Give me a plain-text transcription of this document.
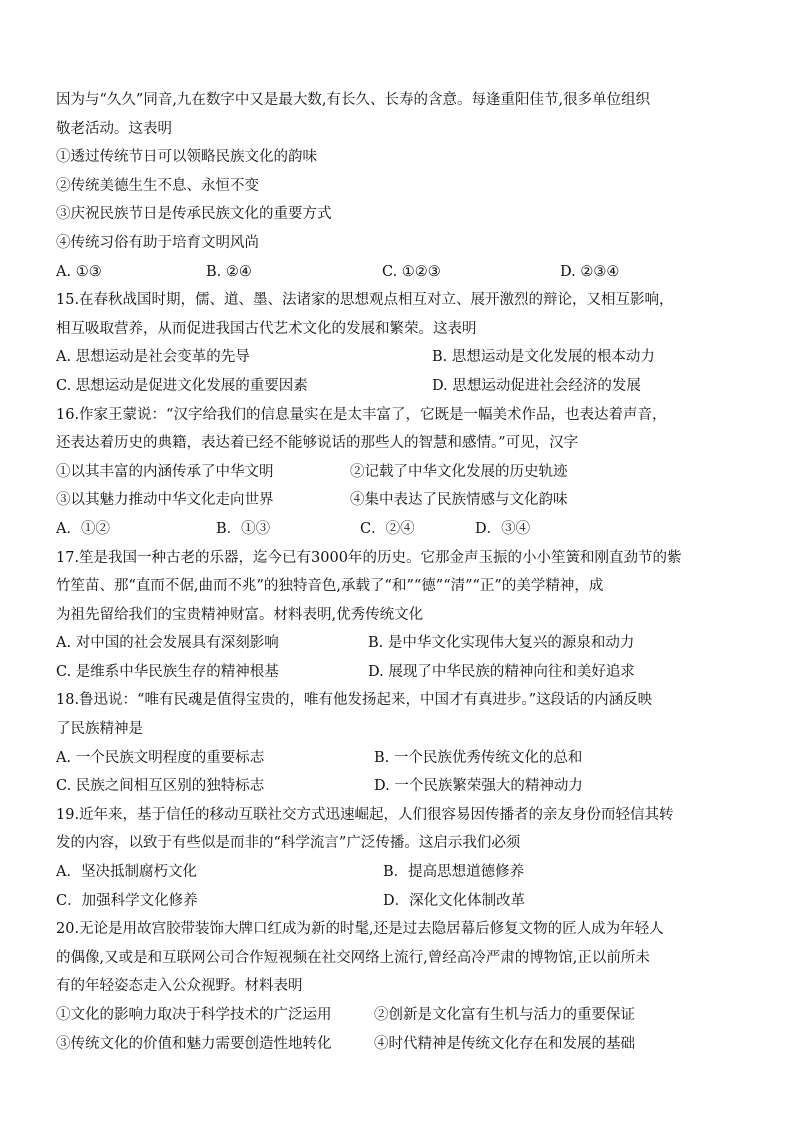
因为与“久久”同音,九在数字中又是最大数,有长久、长寿的含意。每逢重阳佳节,很多单位组织
敬老活动。这表明
①透过传统节日可以领略民族文化的韵味
②传统美德生生不息、永恒不变
③庆祝民族节日是传承民族文化的重要方式
④传统习俗有助于培育文明风尚
A. ①③	B. ②④	C. ①②③	D. ②③④
15.在春秋战国时期，儒、道、墨、法诸家的思想观点相互对立、展开激烈的辩论，又相互影响，
相互吸取营养，从而促进我国古代艺术文化的发展和繁荣。这表明
A. 思想运动是社会变革的先导	B. 思想运动是文化发展的根本动力
C. 思想运动是促进文化发展的重要因素	D. 思想运动促进社会经济的发展
16.作家王蒙说：“汉字给我们的信息量实在是太丰富了，它既是一幅美术作品，也表达着声音，
还表达着历史的典籍，表达着已经不能够说话的那些人的智慧和感情。”可见，汉字
①以其丰富的内涵传承了中华文明	②记载了中华文化发展的历史轨迹
③以其魅力推动中华文化走向世界	④集中表达了民族情感与文化韵味
A．①②	B．①③	C．②④	D．③④
17.笙是我国一种古老的乐器，迄今已有3000年的历史。它那金声玉振的小小笙簧和刚直劲节的紫
竹笙苗、那“直而不倨,曲而不兆”的独特音色,承载了“和”“德”“清”“正”的美学精神，成
为祖先留给我们的宝贵精神财富。材料表明,优秀传统文化
A. 对中国的社会发展具有深刻影响	B. 是中华文化实现伟大复兴的源泉和动力
C. 是维系中华民族生存的精神根基	D. 展现了中华民族的精神向往和美好追求
18.鲁迅说：“唯有民魂是值得宝贵的，唯有他发扬起来，中国才有真进步。”这段话的内涵反映
了民族精神是
A. 一个民族文明程度的重要标志	B. 一个民族优秀传统文化的总和
C. 民族之间相互区别的独特标志	D. 一个民族繁荣强大的精神动力
19.近年来，基于信任的移动互联社交方式迅速崛起，人们很容易因传播者的亲友身份而轻信其转
发的内容，以致于有些似是而非的“科学流言”广泛传播。这启示我们必须
A．坚决抵制腐朽文化	B．提高思想道德修养
C．加强科学文化修养	D．深化文化体制改革
20.无论是用故宫胶带装饰大牌口红成为新的时髦,还是过去隐居幕后修复文物的匠人成为年轻人
的偶像,又或是和互联网公司合作短视频在社交网络上流行,曾经高冷严肃的博物馆,正以前所未
有的年轻姿态走入公众视野。材料表明
①文化的影响力取决于科学技术的广泛运用	②创新是文化富有生机与活力的重要保证
③传统文化的价值和魅力需要创造性地转化	④时代精神是传统文化存在和发展的基础
